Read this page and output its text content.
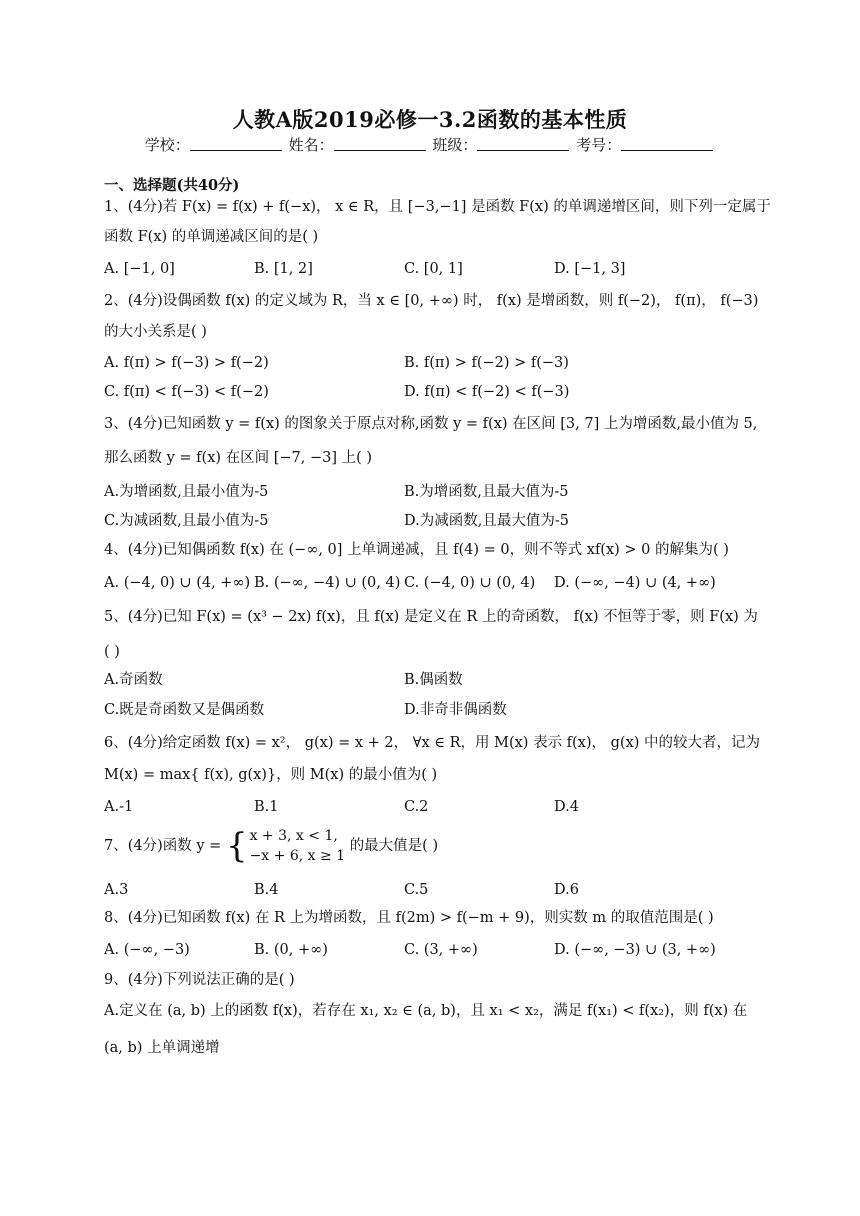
人教A版2019必修一3.2函数的基本性质
学校：	姓名：	班级：	考号：
一、选择题(共40分)
1、(4分)若 F(x) = f(x) + f(−x)， x ∈ R，且 [−3,−1] 是函数 F(x) 的单调递增区间，则下列一定属于
函数 F(x) 的单调递减区间的是( )
A. [−1, 0]	B. [1, 2]	C. [0, 1]	D. [−1, 3]
2、(4分)设偶函数 f(x) 的定义域为 R，当 x ∈ [0, +∞) 时， f(x) 是增函数，则 f(−2)， f(π)， f(−3)
的大小关系是( )
A. f(π) > f(−3) > f(−2)	B. f(π) > f(−2) > f(−3)
C. f(π) < f(−3) < f(−2)	D. f(π) < f(−2) < f(−3)
3、(4分)已知函数 y = f(x) 的图象关于原点对称,函数 y = f(x) 在区间 [3, 7] 上为增函数,最小值为 5,
那么函数 y = f(x) 在区间 [−7, −3] 上( )
A.为增函数,且最小值为-5	B.为增函数,且最大值为-5
C.为减函数,且最小值为-5	D.为减函数,且最大值为-5
4、(4分)已知偶函数 f(x) 在 (−∞, 0] 上单调递减，且 f(4) = 0，则不等式 xf(x) > 0 的解集为( )
A. (−4, 0) ∪ (4, +∞) B. (−∞, −4) ∪ (0, 4) C. (−4, 0) ∪ (0, 4) D. (−∞, −4) ∪ (4, +∞)
5、(4分)已知 F(x) = (x³ − 2x) f(x)，且 f(x) 是定义在 R 上的奇函数， f(x) 不恒等于零，则 F(x) 为
( )
A.奇函数	B.偶函数
C.既是奇函数又是偶函数	D.非奇非偶函数
6、(4分)给定函数 f(x) = x²， g(x) = x + 2， ∀x ∈ R，用 M(x) 表示 f(x)， g(x) 中的较大者，记为
M(x) = max{ f(x), g(x)}，则 M(x) 的最小值为( )
A.-1	B.1	C.2	D.4
7、(4分)函数 y = { x + 3, x < 1,
−x + 6, x ≥ 1 的最大值是( )
A.3	B.4	C.5	D.6
8、(4分)已知函数 f(x) 在 R 上为增函数，且 f(2m) > f(−m + 9)，则实数 m 的取值范围是( )
A. (−∞, −3)	B. (0, +∞)	C. (3, +∞)	D. (−∞, −3) ∪ (3, +∞)
9、(4分)下列说法正确的是( )
A.定义在 (a, b) 上的函数 f(x)，若存在 x₁, x₂ ∈ (a, b)，且 x₁ < x₂，满足 f(x₁) < f(x₂)，则 f(x) 在
(a, b) 上单调递增
